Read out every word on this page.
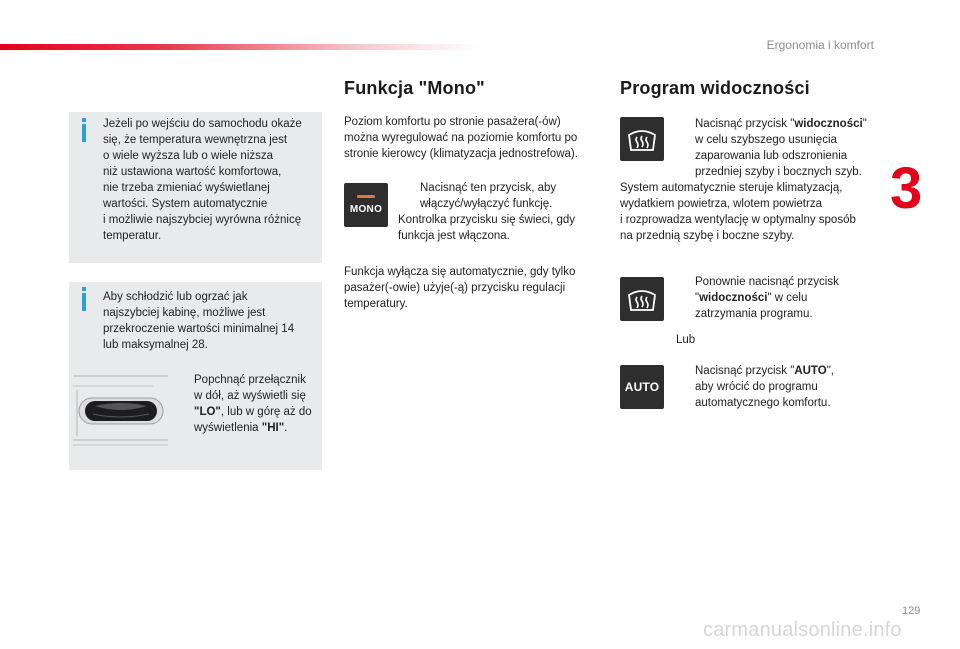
Ergonomia i komfort
3
129
carmanualsonline.info
Jeżeli po wejściu do samochodu okaże
się, że temperatura wewnętrzna jest
o wiele wyższa lub o wiele niższa
niż ustawiona wartość komfortowa,
nie trzeba zmieniać wyświetlanej
wartości. System automatycznie
i możliwie najszybciej wyrówna różnicę
temperatur.
Aby schłodzić lub ogrzać jak
najszybciej kabinę, możliwe jest
przekroczenie wartości minimalnej 14
lub maksymalnej 28.
Popchnąć przełącznik
w dół, aż wyświetli się
"LO", lub w górę aż do
wyświetlenia "HI".
Funkcja "Mono"
Poziom komfortu po stronie pasażera(-ów)
można wyregulować na poziomie komfortu po
stronie kierowcy (klimatyzacja jednostrefowa).
MONO
Nacisnąć ten przycisk, aby
włączyć/wyłączyć funkcję.
Kontrolka przycisku się świeci, gdy
funkcja jest włączona.
Funkcja wyłącza się automatycznie, gdy tylko
pasażer(-owie) użyje(-ą) przycisku regulacji
temperatury.
Program widoczności
Nacisnąć przycisk "widoczności"
w celu szybszego usunięcia
zaparowania lub odszronienia
przedniej szyby i bocznych szyb.
System automatycznie steruje klimatyzacją,
wydatkiem powietrza, wlotem powietrza
i rozprowadza wentylację w optymalny sposób
na przednią szybę i boczne szyby.
Ponownie nacisnąć przycisk
"widoczności" w celu
zatrzymania programu.
Lub
AUTO
Nacisnąć przycisk "AUTO",
aby wrócić do programu
automatycznego komfortu.
